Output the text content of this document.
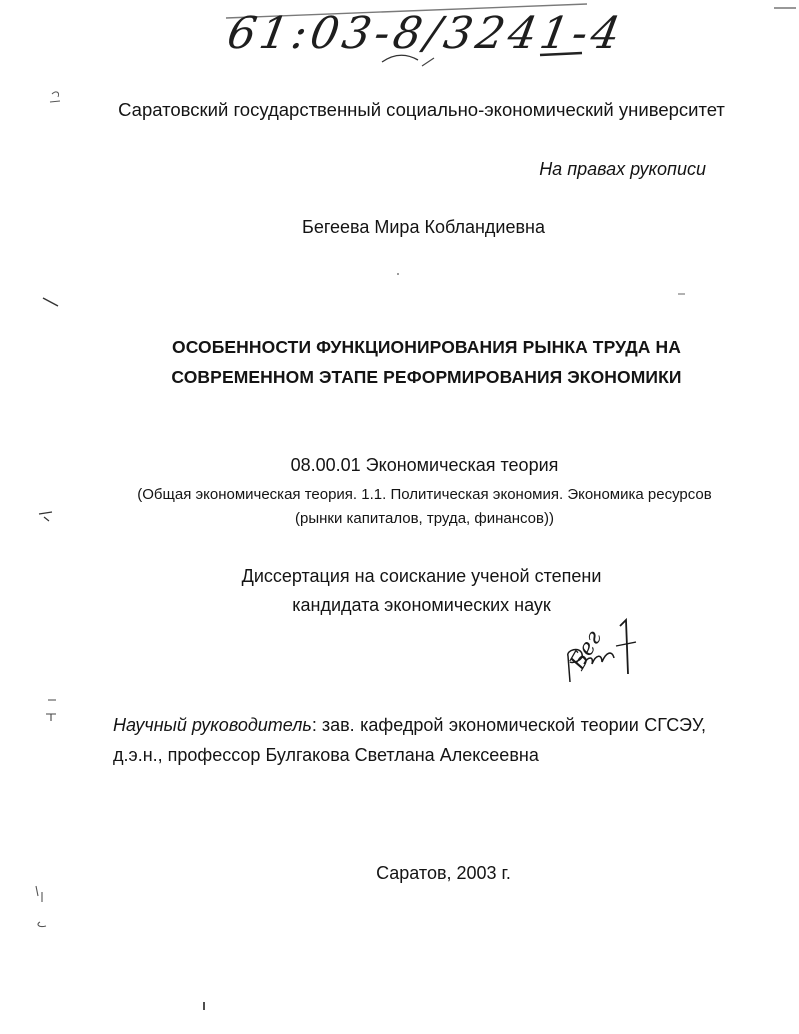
61:03-8/3241-4
Саратовский государственный социально-экономический университет
На правах рукописи
Бегеева Мира Кобландиевна
ОСОБЕННОСТИ ФУНКЦИОНИРОВАНИЯ РЫНКА ТРУДА НА
СОВРЕМЕННОМ ЭТАПЕ РЕФОРМИРОВАНИЯ ЭКОНОМИКИ
08.00.01 Экономическая теория
(Общая экономическая теория. 1.1. Политическая экономия. Экономика ресурсов
(рынки капиталов, труда, финансов))
Диссертация на соискание ученой степени
кандидата экономических наук
Бег
Научный руководитель: зав. кафедрой экономической теории СГСЭУ,
д.э.н., профессор Булгакова Светлана Алексеевна
Саратов, 2003 г.
